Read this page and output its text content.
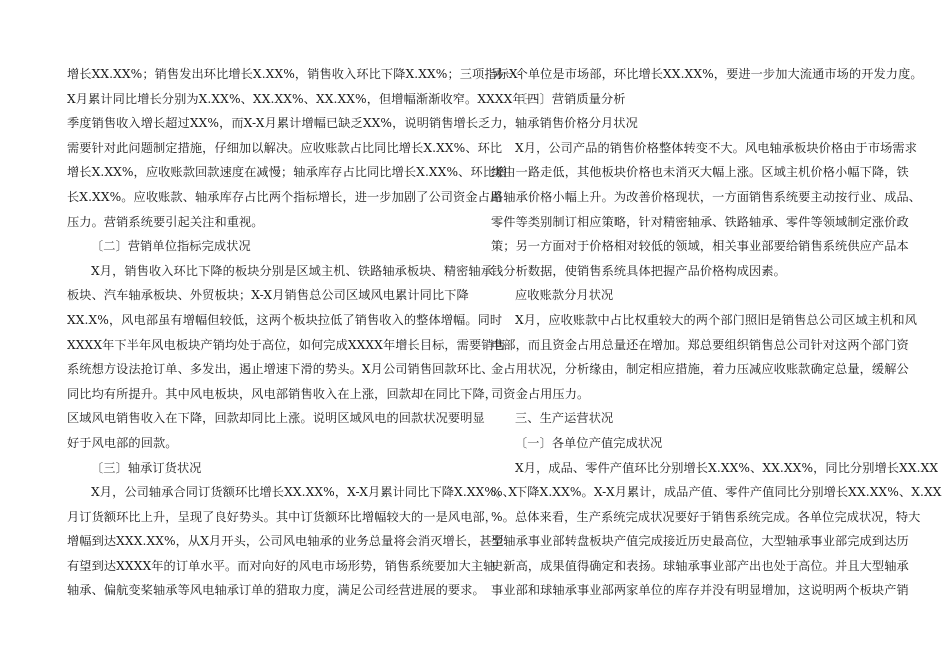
增长XX.XX%；销售发出环比增长X.XX%，销售收入环比下降X.XX%；三项指标X-
X月累计同比增长分别为X.XX%、XX.XX%、XX.XX%，但增幅渐渐收窄。XXXX年一
季度销售收入增长超过XX%，而X-X月累计增幅已缺乏XX%，说明销售增长乏力，
需要针对此问题制定措施，仔细加以解决。应收账款占比同比增长X.XX%、环比
增长X.XX%，应收账款回款速度在减慢；轴承库存占比同比增长X.XX%、环比增
长X.XX%。应收账款、轴承库存占比两个指标增长，进一步加剧了公司资金占用
压力。营销系统要引起关注和重视。
〔二〕营销单位指标完成状况
X月，销售收入环比下降的板块分别是区域主机、铁路轴承板块、精密轴承
板块、汽车轴承板块、外贸板块；X-X月销售总公司区域风电累计同比下降
XX.X%，风电部虽有增幅但较低，这两个板块拉低了销售收入的整体增幅。同时
XXXX年下半年风电板块产销均处于高位，如何完成XXXX年增长目标，需要销售
系统想方设法抢订单、多发出，遏止增速下滑的势头。X月公司销售回款环比、
同比均有所提升。其中风电板块，风电部销售收入在上涨，回款却在同比下降，
区域风电销售收入在下降，回款却同比上涨。说明区域风电的回款状况要明显
好于风电部的回款。
〔三〕轴承订货状况
X月，公司轴承合同订货额环比增长XX.XX%，X-X月累计同比下降X.XX%。X
月订货额环比上升，呈现了良好势头。其中订货额环比增幅较大的一是风电部，
增幅到达XXX.XX%，从X月开头，公司风电轴承的业务总量将会消灭增长，甚至
有望到达XXXX年的订单水平。而对向好的风电市场形势，销售系统要加大主轴
轴承、偏航变桨轴承等风电轴承订单的猎取力度，满足公司经营进展的要求。
另一个单位是市场部，环比增长XX.XX%，要进一步加大流通市场的开发力度。
〔四〕营销质量分析
轴承销售价格分月状况
X月，公司产品的销售价格整体转变不大。风电轴承板块价格由于市场需求
缘由一路走低，其他板块价格也未消灭大幅上涨。区域主机价格小幅下降，铁
路轴承价格小幅上升。为改善价格现状，一方面销售系统要主动按行业、成品、
零件等类别制订相应策略，针对精密轴承、铁路轴承、零件等领域制定涨价政
策；另一方面对于价格相对较低的领域，相关事业部要给销售系统供应产品本
钱分析数据，使销售系统具体把握产品价格构成因素。
应收账款分月状况
X月，应收账款中占比权重较大的两个部门照旧是销售总公司区域主机和风
电部，而且资金占用总量还在增加。郑总要组织销售总公司针对这两个部门资
金占用状况，分析缘由，制定相应措施，着力压减应收账款确定总量，缓解公
司资金占用压力。
三、生产运营状况
〔一〕各单位产值完成状况
X月，成品、零件产值环比分别增长X.XX%、XX.XX%，同比分别增长XX.XX
%、下降X.XX%。X-X月累计，成品产值、零件产值同比分别增长XX.XX%、X.XX
%。总体来看，生产系统完成状况要好于销售系统完成。各单位完成状况，特大
型轴承事业部转盘板块产值完成接近历史最高位，大型轴承事业部完成到达历
史新高，成果值得确定和表扬。球轴承事业部产出也处于高位。并且大型轴承
事业部和球轴承事业部两家单位的库存并没有明显增加，这说明两个板块产销
